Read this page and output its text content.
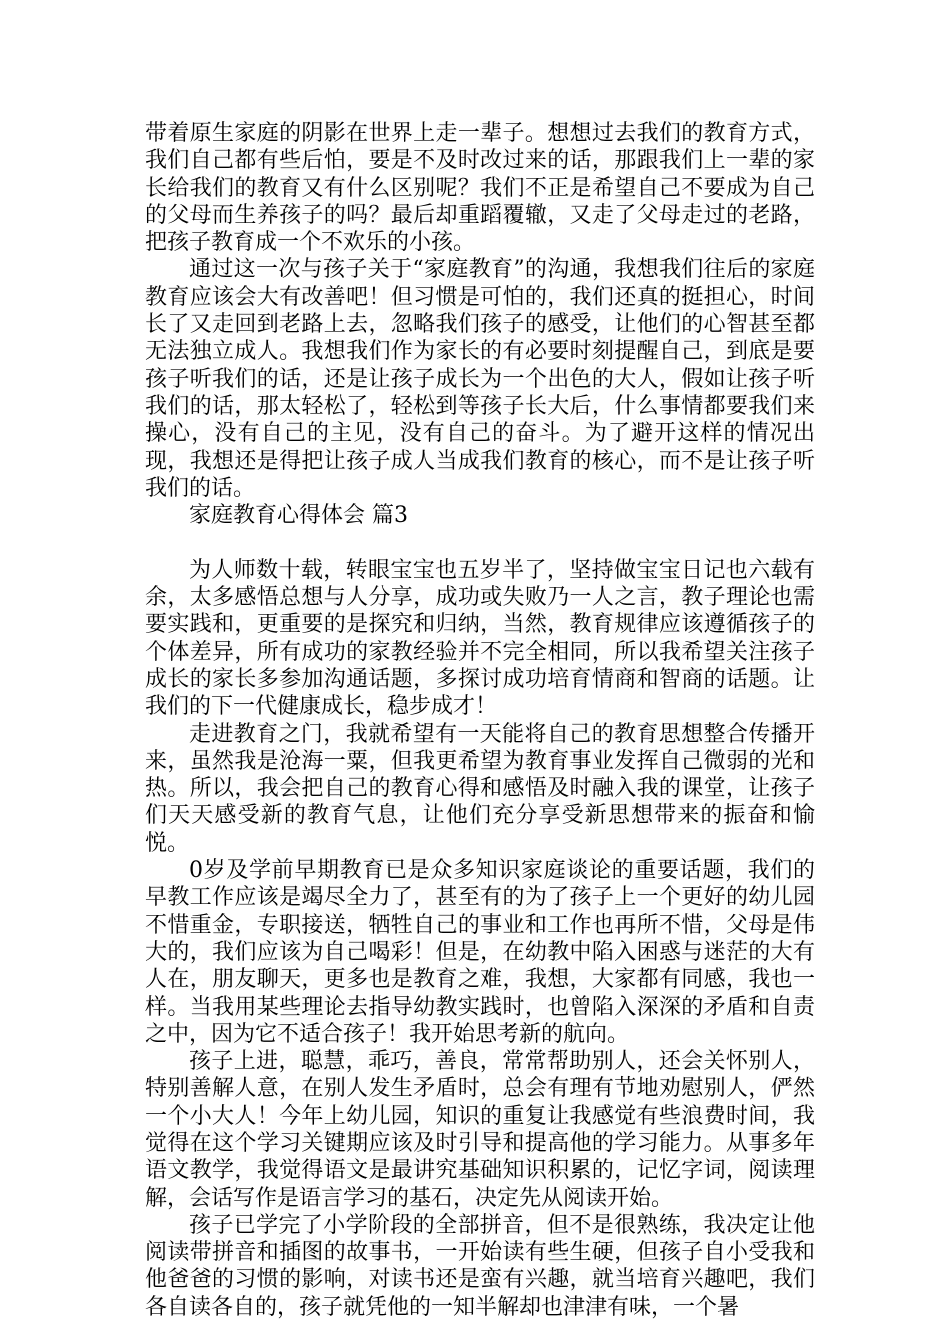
带着原生家庭的阴影在世界上走一辈子。想想过去我们的教育方式，我们自己都有些后怕，要是不及时改过来的话，那跟我们上一辈的家长给我们的教育又有什么区别呢？我们不正是希望自己不要成为自己的父母而生养孩子的吗？最后却重蹈覆辙，又走了父母走过的老路，把孩子教育成一个不欢乐的小孩。

通过这一次与孩子关于“家庭教育”的沟通，我想我们往后的家庭教育应该会大有改善吧！但习惯是可怕的，我们还真的挺担心，时间长了又走回到老路上去，忽略我们孩子的感受，让他们的心智甚至都无法独立成人。我想我们作为家长的有必要时刻提醒自己，到底是要孩子听我们的话，还是让孩子成长为一个出色的大人，假如让孩子听我们的话，那太轻松了，轻松到等孩子长大后，什么事情都要我们来操心，没有自己的主见，没有自己的奋斗。为了避开这样的情况出现，我想还是得把让孩子成人当成我们教育的核心，而不是让孩子听我们的话。

家庭教育心得体会 篇3

为人师数十载，转眼宝宝也五岁半了，坚持做宝宝日记也六载有余，太多感悟总想与人分享，成功或失败乃一人之言，教子理论也需要实践和，更重要的是探究和归纳，当然，教育规律应该遵循孩子的个体差异，所有成功的家教经验并不完全相同，所以我希望关注孩子成长的家长多参加沟通话题，多探讨成功培育情商和智商的话题。让我们的下一代健康成长，稳步成才！

走进教育之门，我就希望有一天能将自己的教育思想整合传播开来，虽然我是沧海一粟，但我更希望为教育事业发挥自己微弱的光和热。所以，我会把自己的教育心得和感悟及时融入我的课堂，让孩子们天天感受新的教育气息，让他们充分享受新思想带来的振奋和愉悦。

0岁及学前早期教育已是众多知识家庭谈论的重要话题，我们的早教工作应该是竭尽全力了，甚至有的为了孩子上一个更好的幼儿园不惜重金，专职接送，牺牲自己的事业和工作也再所不惜，父母是伟大的，我们应该为自己喝彩！但是，在幼教中陷入困惑与迷茫的大有人在，朋友聊天，更多也是教育之难，我想，大家都有同感，我也一样。当我用某些理论去指导幼教实践时，也曾陷入深深的矛盾和自责之中，因为它不适合孩子！我开始思考新的航向。

孩子上进，聪慧，乖巧，善良，常常帮助别人，还会关怀别人，特别善解人意，在别人发生矛盾时，总会有理有节地劝慰别人，俨然一个小大人！今年上幼儿园，知识的重复让我感觉有些浪费时间，我觉得在这个学习关键期应该及时引导和提高他的学习能力。从事多年语文教学，我觉得语文是最讲究基础知识积累的，记忆字词，阅读理解，会话写作是语言学习的基石，决定先从阅读开始。

孩子已学完了小学阶段的全部拼音，但不是很熟练，我决定让他阅读带拼音和插图的故事书，一开始读有些生硬，但孩子自小受我和他爸爸的习惯的影响，对读书还是蛮有兴趣，就当培育兴趣吧，我们各自读各自的，孩子就凭他的一知半解却也津津有味，一个暑
